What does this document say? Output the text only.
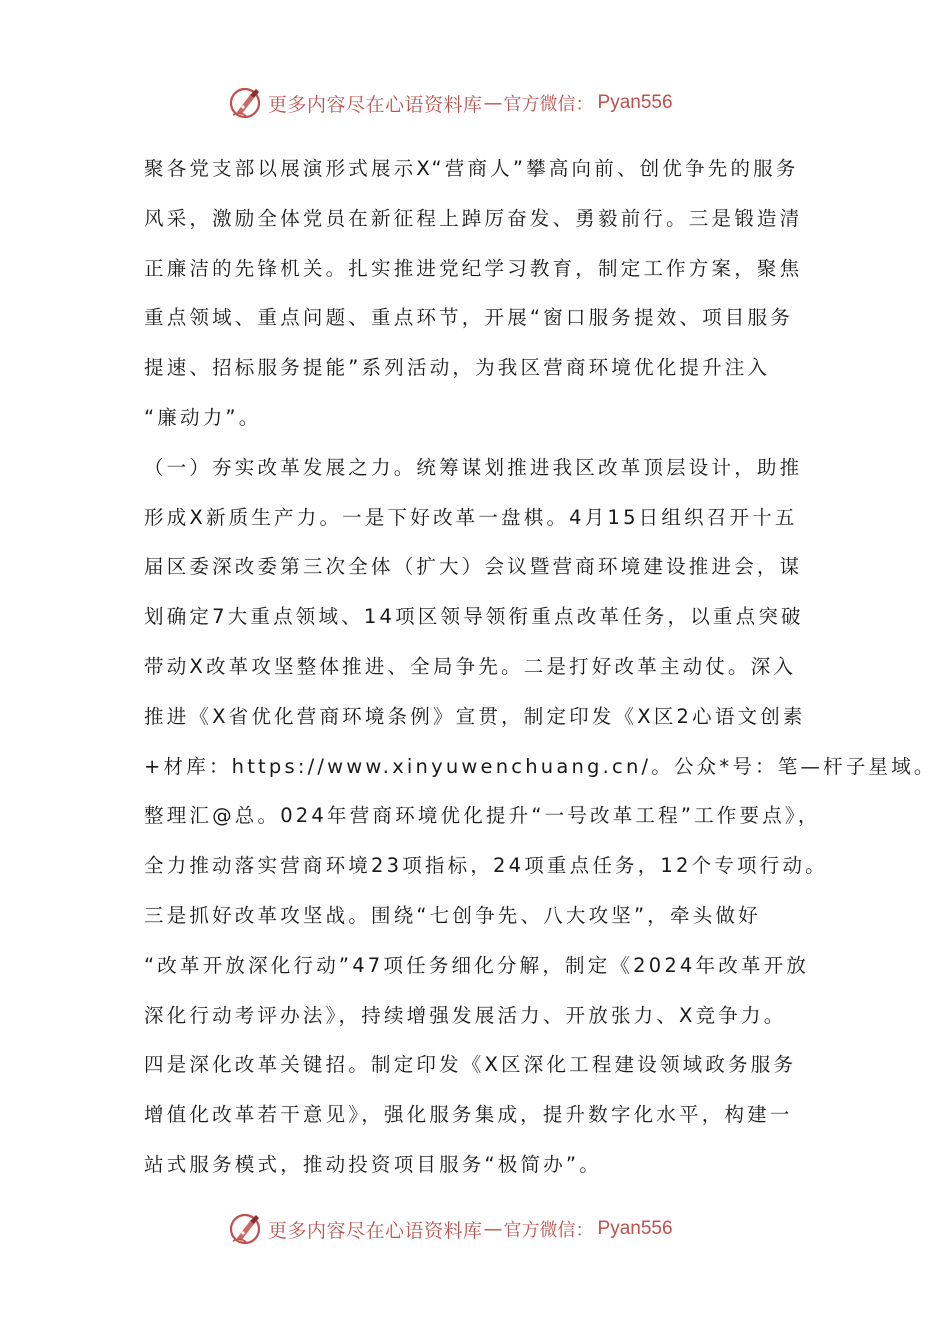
更多内容尽在心语资料库 — 官方微信： Pyan556
聚各党支部以展演形式展示X“营商人”攀高向前、创优争先的服务
风采，激励全体党员在新征程上踔厉奋发、勇毅前行。三是锻造清
正廉洁的先锋机关。扎实推进党纪学习教育，制定工作方案，聚焦
重点领域、重点问题、重点环节，开展“窗口服务提效、项目服务
提速、招标服务提能”系列活动，为我区营商环境优化提升注入
“廉动力”。
（一）夯实改革发展之力。统筹谋划推进我区改革顶层设计，助推
形成X新质生产力。一是下好改革一盘棋。4月15日组织召开十五
届区委深改委第三次全体（扩大）会议暨营商环境建设推进会，谋
划确定7大重点领域、14项区领导领衔重点改革任务，以重点突破
带动X改革攻坚整体推进、全局争先。二是打好改革主动仗。深入
推进《X省优化营商环境条例》宣贯，制定印发《X区2心语文创素
+材库：https://www.xinyuwenchuang.cn/。公众*号：笔—杆子星域。
整理汇@总。024年营商环境优化提升“一号改革工程”工作要点》，
全力推动落实营商环境23项指标，24项重点任务，12个专项行动。
三是抓好改革攻坚战。围绕“七创争先、八大攻坚”，牵头做好
“改革开放深化行动”47项任务细化分解，制定《2024年改革开放
深化行动考评办法》，持续增强发展活力、开放张力、X竞争力。
四是深化改革关键招。制定印发《X区深化工程建设领域政务服务
增值化改革若干意见》，强化服务集成，提升数字化水平，构建一
站式服务模式，推动投资项目服务“极简办”。
更多内容尽在心语资料库 — 官方微信： Pyan556
